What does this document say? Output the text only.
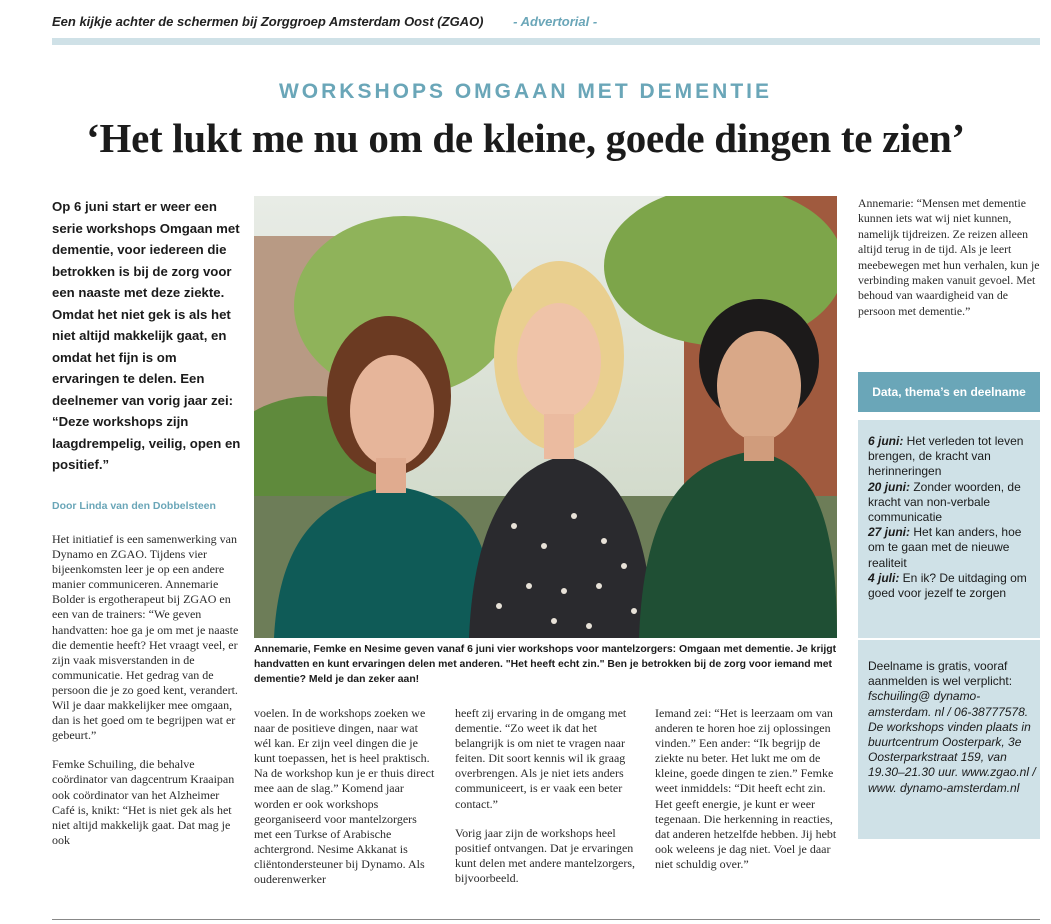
Een kijkje achter de schermen bij Zorggroep Amsterdam Oost (ZGAO) - Advertorial -
WORKSHOPS OMGAAN MET DEMENTIE
‘Het lukt me nu om de kleine, goede dingen te zien’
Op 6 juni start er weer een serie workshops Omgaan met dementie, voor iedereen die betrokken is bij de zorg voor een naaste met deze ziekte. Omdat het niet gek is als het niet altijd makkelijk gaat, en omdat het fijn is om ervaringen te delen. Een deelnemer van vorig jaar zei: “Deze workshops zijn laagdrempelig, veilig, open en positief.”
Door Linda van den Dobbelsteen

Het initiatief is een samenwerking van Dynamo en ZGAO. Tijdens vier bijeenkomsten leer je op een andere manier communiceren. Annemarie Bolder is ergotherapeut bij ZGAO en een van de trainers: “We geven handvatten: hoe ga je om met je naaste die dementie heeft? Het vraagt veel, er zijn vaak misverstanden in de communicatie. Het gedrag van de persoon die je zo goed kent, verandert. Wil je daar makkelijker mee omgaan, dan is het goed om te begrijpen wat er gebeurt.”

Femke Schuiling, die behalve coördinator van dagcentrum Kraaipan ook coördinator van het Alzheimer Café is, knikt: “Het is niet gek als het niet altijd makkelijk gaat. Dat mag je ook

Annemarie, Femke en Nesime geven vanaf 6 juni vier workshops voor mantelzorgers: Omgaan met dementie. Je krijgt handvatten en kunt ervaringen delen met anderen. "Het heeft echt zin." Ben je betrokken bij de zorg voor iemand met dementie? Meld je dan zeker aan!

voelen. In de workshops zoeken we naar de positieve dingen, naar wat wél kan. Er zijn veel dingen die je kunt toepassen, het is heel praktisch. Na de workshop kun je er thuis direct mee aan de slag.” Komend jaar worden er ook workshops georganiseerd voor mantelzorgers met een Turkse of Arabische achtergrond. Nesime Akkanat is cliëntondersteuner bij Dynamo. Als ouderenwerker

heeft zij ervaring in de omgang met dementie. “Zo weet ik dat het belangrijk is om niet te vragen naar feiten. Dit soort kennis wil ik graag overbrengen. Als je niet iets anders communiceert, is er vaak een beter contact.”

Vorig jaar zijn de workshops heel positief ontvangen. Dat je ervaringen kunt delen met andere mantelzorgers, bijvoorbeeld.

Iemand zei: “Het is leerzaam om van anderen te horen hoe zij oplossingen vinden.” Een ander: “Ik begrijp de ziekte nu beter. Het lukt me om de kleine, goede dingen te zien.” Femke weet inmiddels: “Dit heeft echt zin. Het geeft energie, je kunt er weer tegenaan. Die herkenning in reacties, dat anderen hetzelfde hebben. Jij hebt ook weleens je dag niet. Voel je daar niet schuldig over.”

Annemarie: “Mensen met dementie kunnen iets wat wij niet kunnen, namelijk tijdreizen. Ze reizen alleen altijd terug in de tijd. Als je leert meebewegen met hun verhalen, kun je verbinding maken vanuit gevoel. Met behoud van waardigheid van de persoon met dementie.”
Data, thema’s en deelname
6 juni: Het verleden tot leven brengen, de kracht van herinneringen
20 juni: Zonder woorden, de kracht van non-verbale communicatie
27 juni: Het kan anders, hoe om te gaan met de nieuwe realiteit
4 juli: En ik? De uitdaging om goed voor jezelf te zorgen
Deelname is gratis, vooraf aanmelden is wel verplicht: fschuiling@ dynamo-amsterdam. nl / 06-38777578. De workshops vinden plaats in buurtcentrum Oosterpark, 3e Oosterparkstraat 159, van 19.30–21.30 uur. www.zgao.nl / www. dynamo-amsterdam.nl
